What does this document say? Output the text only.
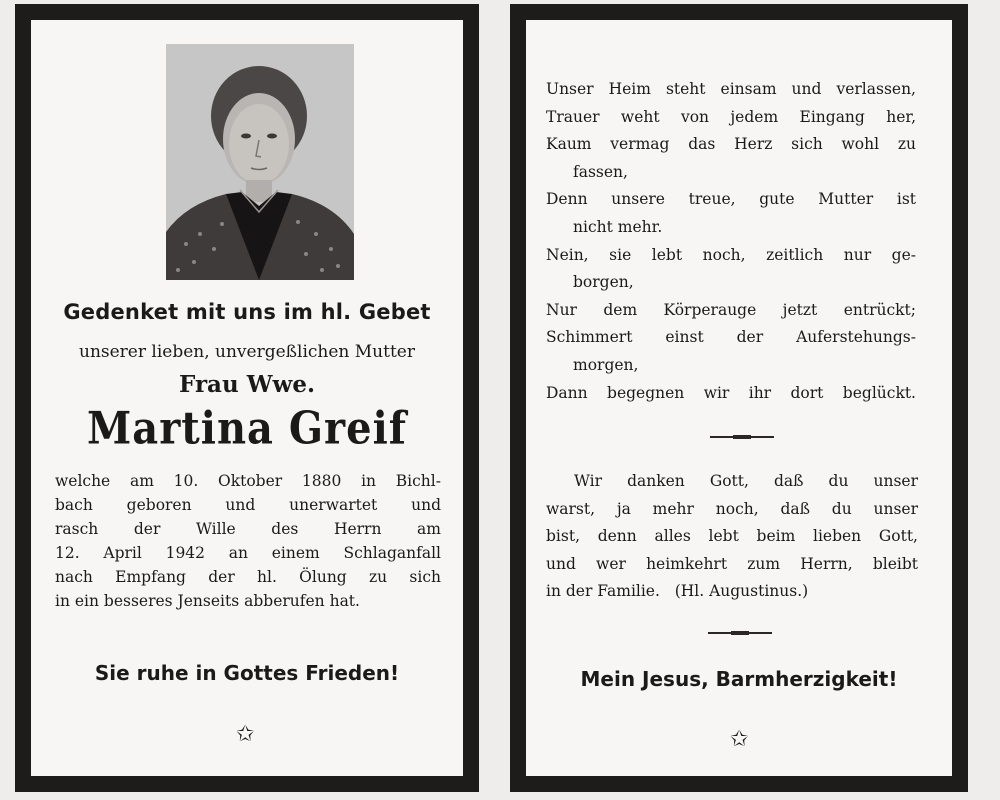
Gedenket mit uns im hl. Gebet
unserer lieben, unvergeßlichen Mutter
Frau Wwe.
Martina Greif
welche am 10. Oktober 1880 in Bichl-
bach geboren und unerwartet und
rasch der Wille des Herrn am
12. April 1942 an einem Schlaganfall
nach Empfang der hl. Ölung zu sich
in ein besseres Jenseits abberufen hat.
Sie ruhe in Gottes Frieden!
✩
Unser Heim steht einsam und verlassen,
Trauer weht von jedem Eingang her,
Kaum vermag das Herz sich wohl zu
fassen,
Denn unsere treue, gute Mutter ist
nicht mehr.
Nein, sie lebt noch, zeitlich nur ge-
borgen,
Nur dem Körperauge jetzt entrückt;
Schimmert einst der Auferstehungs-
morgen,
Dann begegnen wir ihr dort beglückt.
Wir danken Gott, daß du unser
warst, ja mehr noch, daß du unser
bist, denn alles lebt beim lieben Gott,
und wer heimkehrt zum Herrn, bleibt
in der Familie.   (Hl. Augustinus.)
Mein Jesus, Barmherzigkeit!
✩
